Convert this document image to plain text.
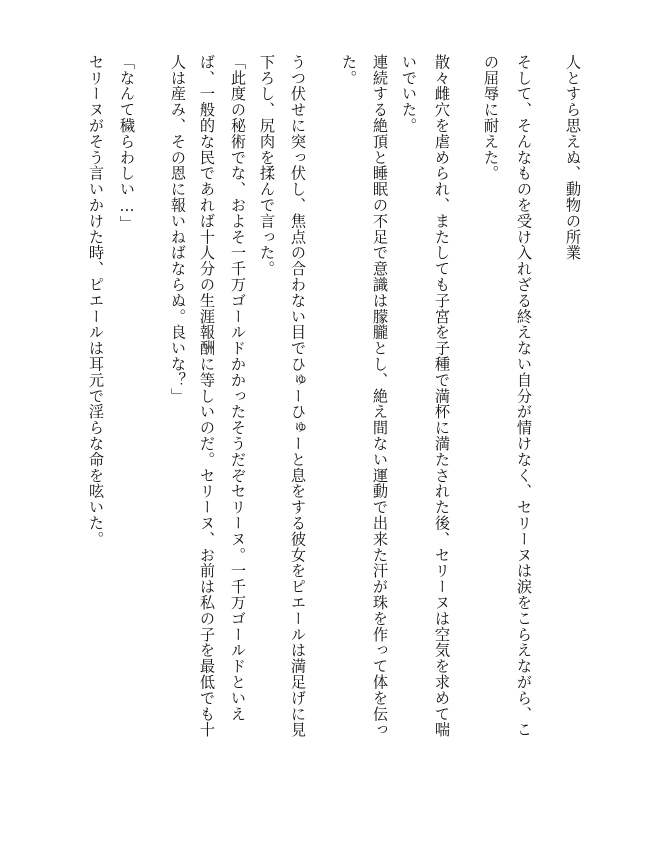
人とすら思えぬ、動物の所業
そして、そんなものを受け入れざる終えない自分が情けなく、セリーヌは涙をこらえながら、こ
の屈辱に耐えた。
散々雌穴を虐められ、またしても子宮を子種で満杯に満たされた後、セリーヌは空気を求めて喘
いでいた。
連続する絶頂と睡眠の不足で意識は朦朧とし、絶え間ない運動で出来た汗が珠を作って体を伝っ
た。
うつ伏せに突っ伏し、焦点の合わない目でひゅーひゅーと息をする彼女をピエールは満足げに見
下ろし、尻肉を揉んで言った。
「此度の秘術でな、およそ一千万ゴールドかかったそうだぞセリーヌ。一千万ゴールドといえ
ば、一般的な民であれば十人分の生涯報酬に等しいのだ。セリーヌ、お前は私の子を最低でも十
人は産み、その恩に報いねばならぬ。良いな？」
「なんて穢らわしい…」
セリーヌがそう言いかけた時、ピエールは耳元で淫らな命を呟いた。
